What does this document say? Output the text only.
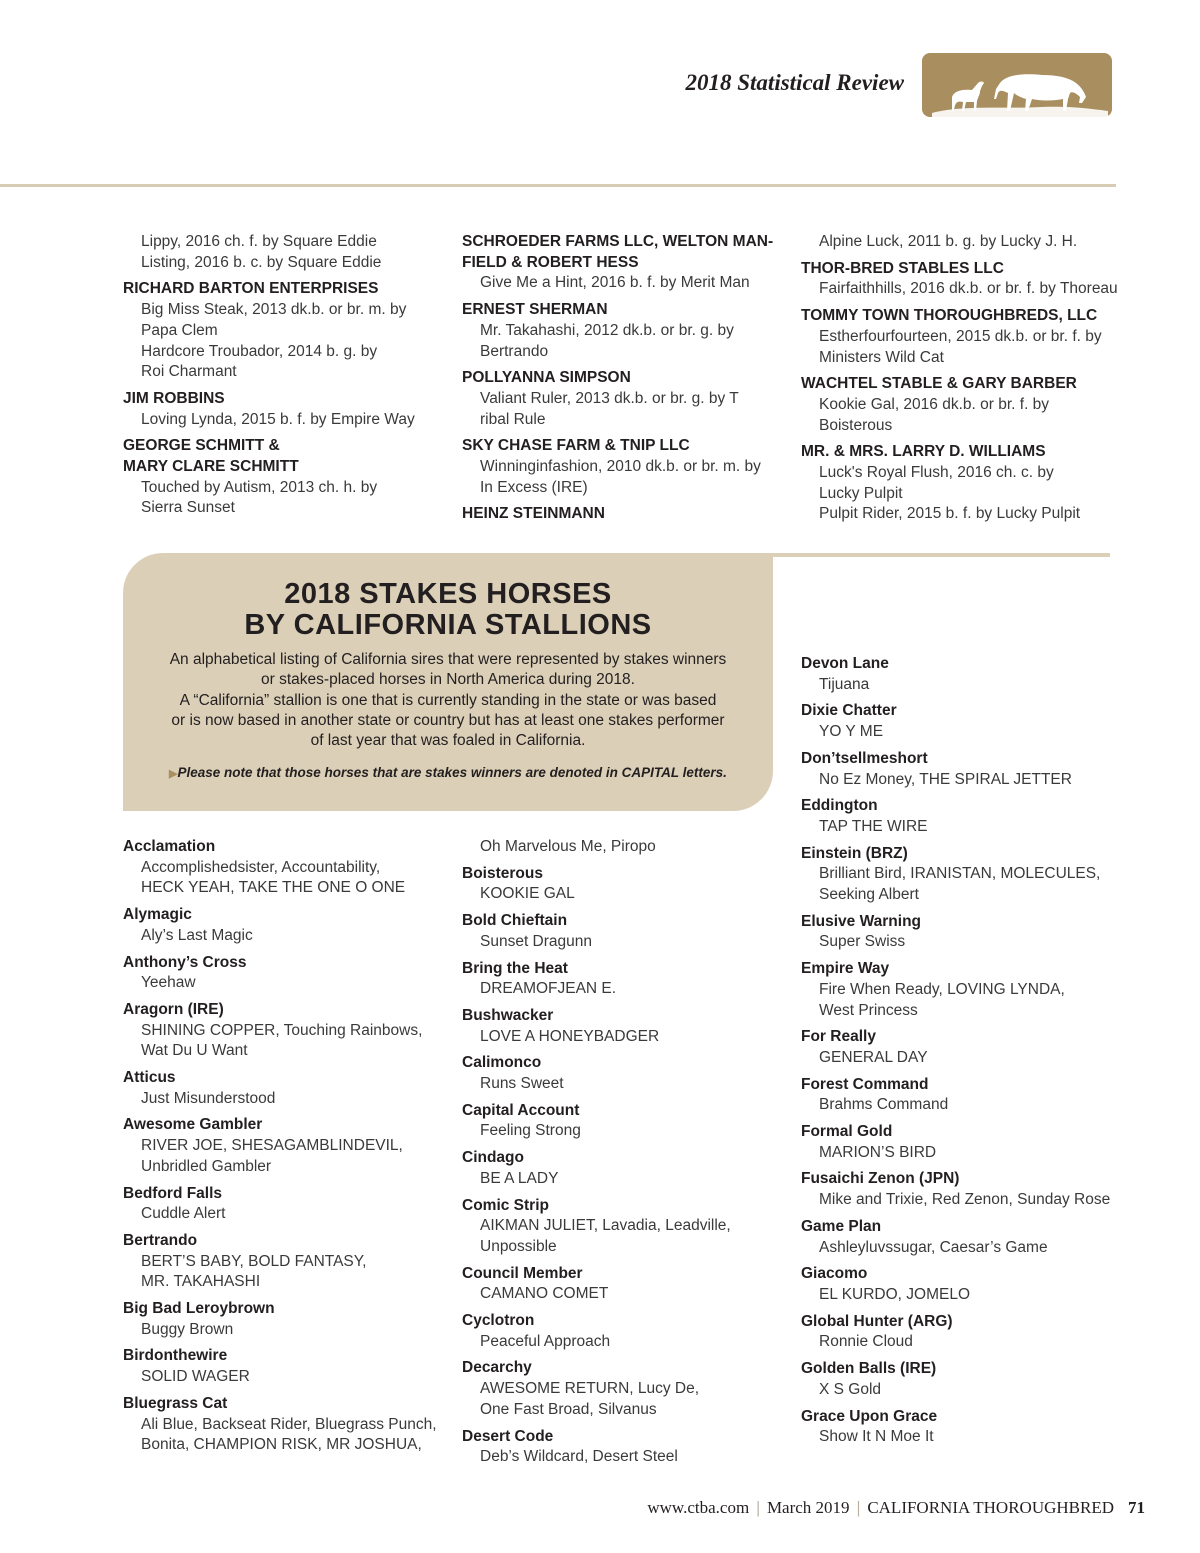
2018 Statistical Review
Lippy, 2016 ch. f. by Square Eddie
Listing, 2016 b. c. by Square Eddie
RICHARD BARTON ENTERPRISES
Big Miss Steak, 2013 dk.b. or br. m. by
Papa Clem
Hardcore Troubador, 2014 b. g. by
Roi Charmant
JIM ROBBINS
Loving Lynda, 2015 b. f. by Empire Way
GEORGE SCHMITT &
MARY CLARE SCHMITT
Touched by Autism, 2013 ch. h. by
Sierra Sunset
SCHROEDER FARMS LLC, WELTON MAN-
FIELD & ROBERT HESS
Give Me a Hint, 2016 b. f. by Merit Man
ERNEST SHERMAN
Mr. Takahashi, 2012 dk.b. or br. g. by
Bertrando
POLLYANNA SIMPSON
Valiant Ruler, 2013 dk.b. or br. g. by T
ribal Rule
SKY CHASE FARM & TNIP LLC
Winninginfashion, 2010 dk.b. or br. m. by
In Excess (IRE)
HEINZ STEINMANN
Alpine Luck, 2011 b. g. by Lucky J. H.
THOR-BRED STABLES LLC
Fairfaithhills, 2016 dk.b. or br. f. by Thoreau
TOMMY TOWN THOROUGHBREDS, LLC
Estherfourfourteen, 2015 dk.b. or br. f. by
Ministers Wild Cat
WACHTEL STABLE & GARY BARBER
Kookie Gal, 2016 dk.b. or br. f. by
Boisterous
MR. & MRS. LARRY D. WILLIAMS
Luck's Royal Flush, 2016 ch. c. by
Lucky Pulpit
Pulpit Rider, 2015 b. f. by Lucky Pulpit
2018 STAKES HORSES
BY CALIFORNIA STALLIONS
An alphabetical listing of California sires that were represented by stakes winners
or stakes-placed horses in North America during 2018.
A “California” stallion is one that is currently standing in the state or was based
or is now based in another state or country but has at least one stakes performer
of last year that was foaled in California.
▶Please note that those horses that are stakes winners are denoted in CAPITAL letters.
Acclamation
Accomplishedsister, Accountability,
HECK YEAH, TAKE THE ONE O ONE
Alymagic
Aly’s Last Magic
Anthony’s Cross
Yeehaw
Aragorn (IRE)
SHINING COPPER, Touching Rainbows,
Wat Du U Want
Atticus
Just Misunderstood
Awesome Gambler
RIVER JOE, SHESAGAMBLINDEVIL,
Unbridled Gambler
Bedford Falls
Cuddle Alert
Bertrando
BERT’S BABY, BOLD FANTASY,
MR. TAKAHASHI
Big Bad Leroybrown
Buggy Brown
Birdonthewire
SOLID WAGER
Bluegrass Cat
Ali Blue, Backseat Rider, Bluegrass Punch,
Bonita, CHAMPION RISK, MR JOSHUA,
Oh Marvelous Me, Piropo
Boisterous
KOOKIE GAL
Bold Chieftain
Sunset Dragunn
Bring the Heat
DREAMOFJEAN E.
Bushwacker
LOVE A HONEYBADGER
Calimonco
Runs Sweet
Capital Account
Feeling Strong
Cindago
BE A LADY
Comic Strip
AIKMAN JULIET, Lavadia, Leadville,
Unpossible
Council Member
CAMANO COMET
Cyclotron
Peaceful Approach
Decarchy
AWESOME RETURN, Lucy De,
One Fast Broad, Silvanus
Desert Code
Deb’s Wildcard, Desert Steel
Devon Lane
Tijuana
Dixie Chatter
YO Y ME
Don’tsellmeshort
No Ez Money, THE SPIRAL JETTER
Eddington
TAP THE WIRE
Einstein (BRZ)
Brilliant Bird, IRANISTAN, MOLECULES,
Seeking Albert
Elusive Warning
Super Swiss
Empire Way
Fire When Ready, LOVING LYNDA,
West Princess
For Really
GENERAL DAY
Forest Command
Brahms Command
Formal Gold
MARION’S BIRD
Fusaichi Zenon (JPN)
Mike and Trixie, Red Zenon, Sunday Rose
Game Plan
Ashleyluvssugar, Caesar’s Game
Giacomo
EL KURDO, JOMELO
Global Hunter (ARG)
Ronnie Cloud
Golden Balls (IRE)
X S Gold
Grace Upon Grace
Show It N Moe It
www.ctba.com | March 2019 | CALIFORNIA THOROUGHBRED 71
